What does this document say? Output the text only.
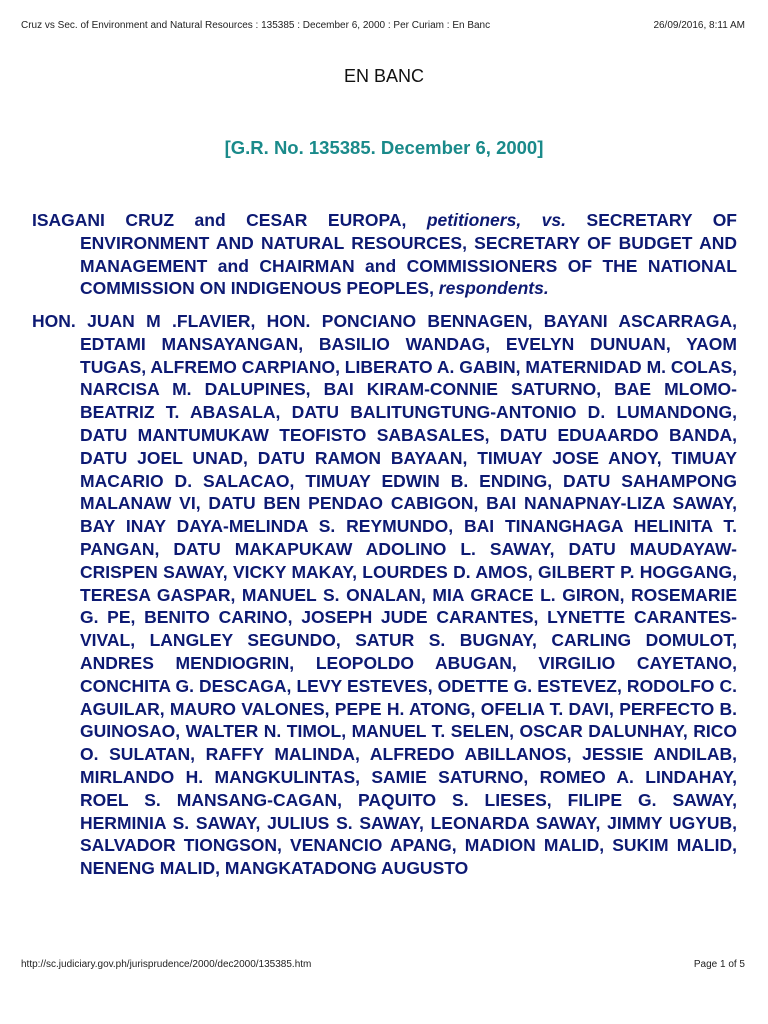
Cruz vs Sec. of Environment and Natural Resources : 135385 : December 6, 2000 : Per Curiam : En Banc	26/09/2016, 8:11 AM
EN BANC
[G.R. No. 135385. December 6, 2000]
ISAGANI CRUZ and CESAR EUROPA, petitioners, vs. SECRETARY OF ENVIRONMENT AND NATURAL RESOURCES, SECRETARY OF BUDGET AND MANAGEMENT and CHAIRMAN and COMMISSIONERS OF THE NATIONAL COMMISSION ON INDIGENOUS PEOPLES, respondents.
HON. JUAN M .FLAVIER, HON. PONCIANO BENNAGEN, BAYANI ASCARRAGA, EDTAMI MANSAYANGAN, BASILIO WANDAG, EVELYN DUNUAN, YAOM TUGAS, ALFREMO CARPIANO, LIBERATO A. GABIN, MATERNIDAD M. COLAS, NARCISA M. DALUPINES, BAI KIRAM-CONNIE SATURNO, BAE MLOMO-BEATRIZ T. ABASALA, DATU BALITUNGTUNG-ANTONIO D. LUMANDONG, DATU MANTUMUKAW TEOFISTO SABASALES, DATU EDUAARDO BANDA, DATU JOEL UNAD, DATU RAMON BAYAAN, TIMUAY JOSE ANOY, TIMUAY MACARIO D. SALACAO, TIMUAY EDWIN B. ENDING, DATU SAHAMPONG MALANAW VI, DATU BEN PENDAO CABIGON, BAI NANAPNAY-LIZA SAWAY, BAY INAY DAYA-MELINDA S. REYMUNDO, BAI TINANGHAGA HELINITA T. PANGAN, DATU MAKAPUKAW ADOLINO L. SAWAY, DATU MAUDAYAW-CRISPEN SAWAY, VICKY MAKAY, LOURDES D. AMOS, GILBERT P. HOGGANG, TERESA GASPAR, MANUEL S. ONALAN, MIA GRACE L. GIRON, ROSEMARIE G. PE, BENITO CARINO, JOSEPH JUDE CARANTES, LYNETTE CARANTES-VIVAL, LANGLEY SEGUNDO, SATUR S. BUGNAY, CARLING DOMULOT, ANDRES MENDIOGRIN, LEOPOLDO ABUGAN, VIRGILIO CAYETANO, CONCHITA G. DESCAGA, LEVY ESTEVES, ODETTE G. ESTEVEZ, RODOLFO C. AGUILAR, MAURO VALONES, PEPE H. ATONG, OFELIA T. DAVI, PERFECTO B. GUINOSAO, WALTER N. TIMOL, MANUEL T. SELEN, OSCAR DALUNHAY, RICO O. SULATAN, RAFFY MALINDA, ALFREDO ABILLANOS, JESSIE ANDILAB, MIRLANDO H. MANGKULINTAS, SAMIE SATURNO, ROMEO A. LINDAHAY, ROEL S. MANSANG-CAGAN, PAQUITO S. LIESES, FILIPE G. SAWAY, HERMINIA S. SAWAY, JULIUS S. SAWAY, LEONARDA SAWAY, JIMMY UGYUB, SALVADOR TIONGSON, VENANCIO APANG, MADION MALID, SUKIM MALID, NENENG MALID, MANGKATADONG AUGUSTO
http://sc.judiciary.gov.ph/jurisprudence/2000/dec2000/135385.htm	Page 1 of 5
